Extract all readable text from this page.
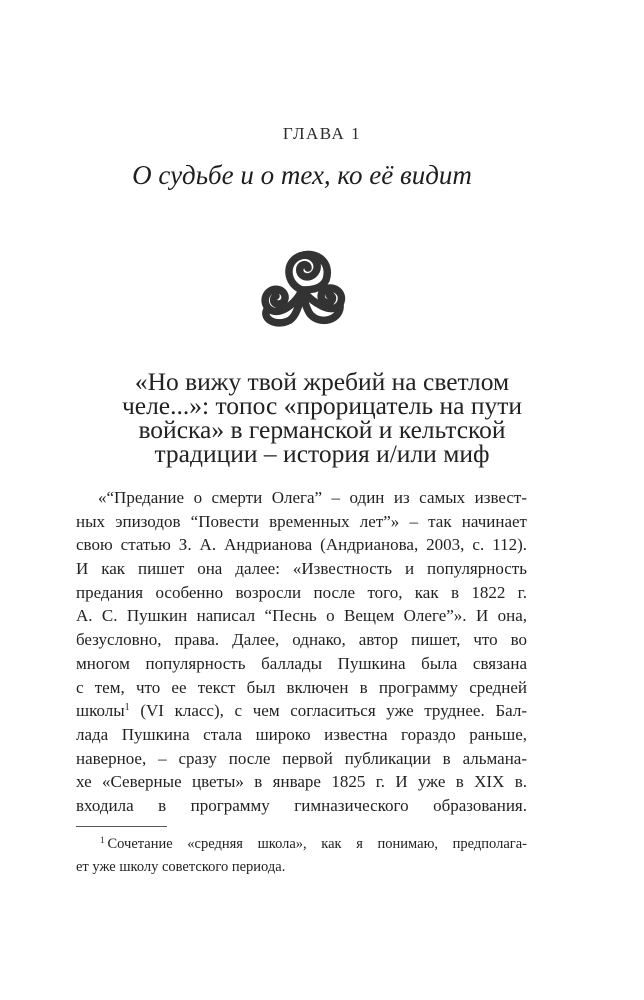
ГЛАВА 1
О судьбе и о тех, ко её видит
«Но вижу твой жребий на светлом
челе...»: топос «прорицатель на пути
войска» в германской и кельтской
традиции – история и/или миф
«“Предание о смерти Олега” – один из самых извест-
ных эпизодов “Повести временных лет”» – так начинает
свою статью З. А. Андрианова (Андрианова, 2003, с. 112).
И как пишет она далее: «Известность и популярность
предания особенно возросли после того, как в 1822 г.
А. С. Пушкин написал “Песнь о Вещем Олеге”». И она,
безусловно, права. Далее, однако, автор пишет, что во
многом популярность баллады Пушкина была связана
с тем, что ее текст был включен в программу средней
школы$^1$ (VI класс), с чем согласиться уже труднее. Бал-
лада Пушкина стала широко известна гораздо раньше,
наверное, – сразу после первой публикации в альмана-
хе «Северные цветы» в январе 1825 г. И уже в XIX в.
входила в программу гимназического образования.
$^1$ Сочетание «средняя школа», как я понимаю, предполага-
ет уже школу советского периода.
